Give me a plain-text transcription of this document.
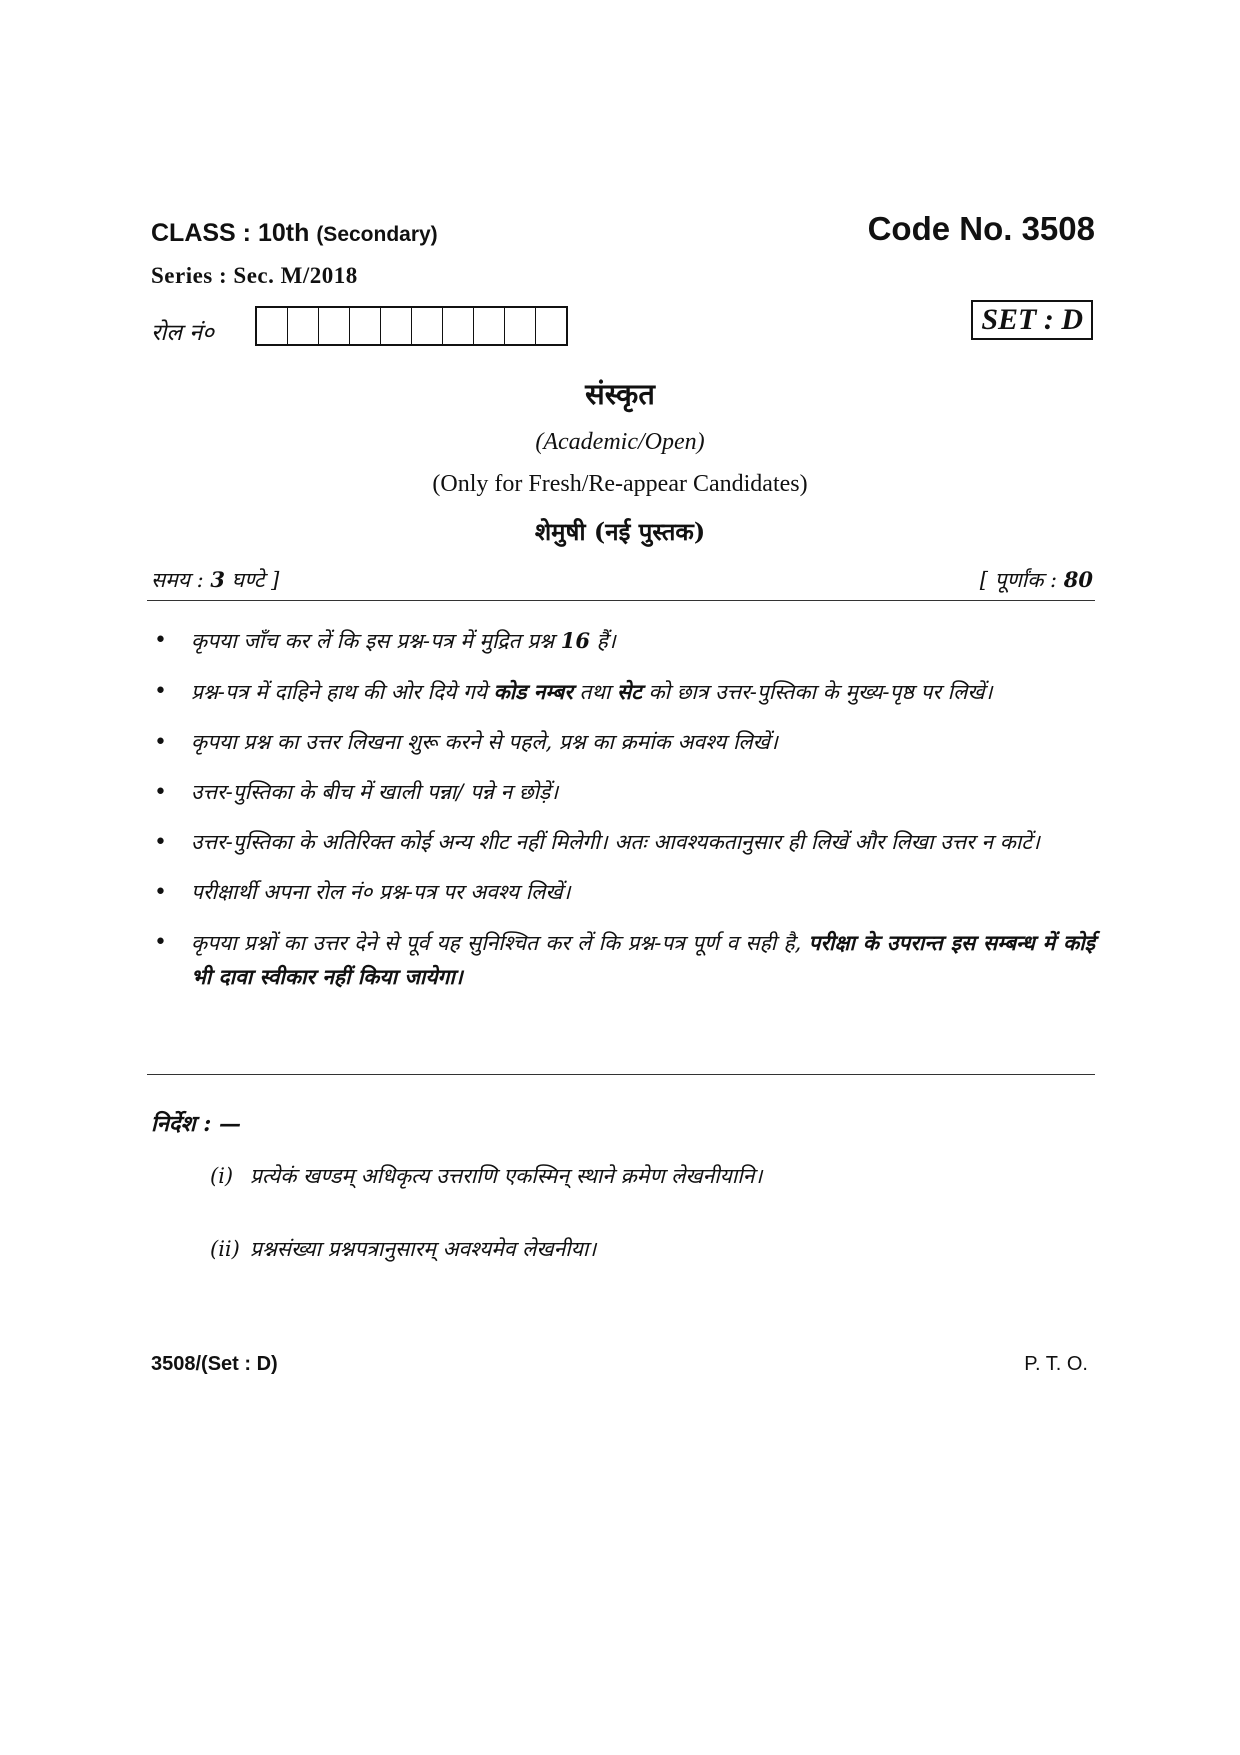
CLASS : 10th (Secondary)	Code No. 3508
Series : Sec. M/2018
रोल नं०	SET : D
संस्कृत
(Academic/Open)
(Only for Fresh/Re-appear Candidates)
शेमुषी (नई पुस्तक)
समय : 3 घण्टे ]	[ पूर्णांक : 80
• कृपया जाँच कर लें कि इस प्रश्न-पत्र में मुद्रित प्रश्न 16 हैं।
• प्रश्न-पत्र में दाहिने हाथ की ओर दिये गये कोड नम्बर तथा सेट को छात्र उत्तर-पुस्तिका के मुख्य-पृष्ठ पर लिखें।
• कृपया प्रश्न का उत्तर लिखना शुरू करने से पहले, प्रश्न का क्रमांक अवश्य लिखें।
• उत्तर-पुस्तिका के बीच में खाली पन्ना/ पन्ने न छोड़ें।
• उत्तर-पुस्तिका के अतिरिक्त कोई अन्य शीट नहीं मिलेगी। अतः आवश्यकतानुसार ही लिखें और लिखा उत्तर न काटें।
• परीक्षार्थी अपना रोल नं० प्रश्न-पत्र पर अवश्य लिखें।
• कृपया प्रश्नों का उत्तर देने से पूर्व यह सुनिश्चित कर लें कि प्रश्न-पत्र पूर्ण व सही है, परीक्षा के उपरान्त इस सम्बन्ध में कोई भी दावा स्वीकार नहीं किया जायेगा।
निर्देश : —
(i) प्रत्येकं खण्डम् अधिकृत्य उत्तराणि एकस्मिन् स्थाने क्रमेण लेखनीयानि।
(ii) प्रश्नसंख्या प्रश्नपत्रानुसारम् अवश्यमेव लेखनीया।
3508/(Set : D)	P. T. O.
